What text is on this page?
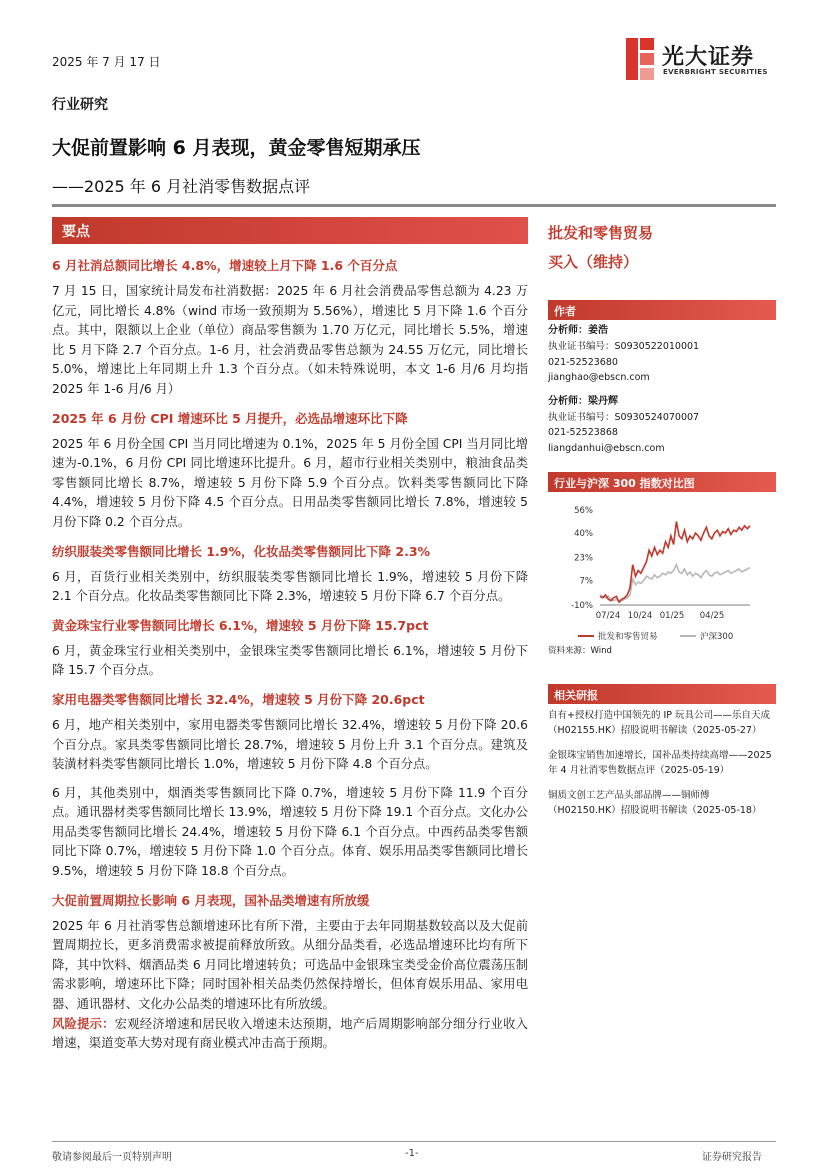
2025 年 7 月 17 日	光大证券
EVERBRIGHT SECURITIES
行业研究
大促前置影响 6 月表现，黄金零售短期承压
——2025 年 6 月社消零售数据点评
要点
6 月社消总额同比增长 4.8%，增速较上月下降 1.6 个百分点

7 月 15 日，国家统计局发布社消数据：2025 年 6 月社会消费品零售总额为 4.23 万亿元，同比增长 4.8%（wind 市场一致预期为 5.56%），增速比 5 月下降 1.6 个百分点。其中，限额以上企业（单位）商品零售额为 1.70 万亿元，同比增长 5.5%，增速比 5 月下降 2.7 个百分点。1-6 月，社会消费品零售总额为 24.55 万亿元，同比增长 5.0%，增速比上年同期上升 1.3 个百分点。（如未特殊说明，本文 1-6 月/6 月均指 2025 年 1-6 月/6 月）

2025 年 6 月份 CPI 增速环比 5 月提升，必选品增速环比下降

2025 年 6 月份全国 CPI 当月同比增速为 0.1%，2025 年 5 月份全国 CPI 当月同比增速为-0.1%，6 月份 CPI 同比增速环比提升。6 月，超市行业相关类别中，粮油食品类零售额同比增长 8.7%，增速较 5 月份下降 5.9 个百分点。饮料类零售额同比下降 4.4%，增速较 5 月份下降 4.5 个百分点。日用品类零售额同比增长 7.8%，增速较 5 月份下降 0.2 个百分点。

纺织服装类零售额同比增长 1.9%，化妆品类零售额同比下降 2.3%

6 月，百货行业相关类别中，纺织服装类零售额同比增长 1.9%，增速较 5 月份下降 2.1 个百分点。化妆品类零售额同比下降 2.3%，增速较 5 月份下降 6.7 个百分点。

黄金珠宝行业零售额同比增长 6.1%，增速较 5 月份下降 15.7pct

6 月，黄金珠宝行业相关类别中，金银珠宝类零售额同比增长 6.1%，增速较 5 月份下降 15.7 个百分点。

家用电器类零售额同比增长 32.4%，增速较 5 月份下降 20.6pct

6 月，地产相关类别中，家用电器类零售额同比增长 32.4%，增速较 5 月份下降 20.6 个百分点。家具类零售额同比增长 28.7%，增速较 5 月份上升 3.1 个百分点。建筑及装潢材料类零售额同比增长 1.0%，增速较 5 月份下降 4.8 个百分点。

6 月，其他类别中，烟酒类零售额同比下降 0.7%，增速较 5 月份下降 11.9 个百分点。通讯器材类零售额同比增长 13.9%，增速较 5 月份下降 19.1 个百分点。文化办公用品类零售额同比增长 24.4%，增速较 5 月份下降 6.1 个百分点。中西药品类零售额同比下降 0.7%，增速较 5 月份下降 1.0 个百分点。体育、娱乐用品类零售额同比增长 9.5%，增速较 5 月份下降 18.8 个百分点。

大促前置周期拉长影响 6 月表现，国补品类增速有所放缓

2025 年 6 月社消零售总额增速环比有所下滑，主要由于去年同期基数较高以及大促前置周期拉长，更多消费需求被提前释放所致。从细分品类看，必选品增速环比均有所下降，其中饮料、烟酒品类 6 月同比增速转负；可选品中金银珠宝类受金价高位震荡压制需求影响，增速环比下降；同时国补相关品类仍然保持增长，但体育娱乐用品、家用电器、通讯器材、文化办公品类的增速环比有所放缓。

风险提示：宏观经济增速和居民收入增速未达预期，地产后周期影响部分细分行业收入增速，渠道变革大势对现有商业模式冲击高于预期。

批发和零售贸易

买入（维持）

作者
分析师：姜浩
执业证书编号：S0930522010001
021-52523680
jianghao@ebscn.com
分析师：梁丹辉
执业证书编号：S0930524070007
021-52523868
liangdanhui@ebscn.com
行业与沪深 300 指数对比图
56%
40%
23%
7%
-10%
07/24 10/24 01/25 04/25
批发和零售贸易	沪深300
资料来源：Wind
相关研报
自有+授权打造中国领先的 IP 玩具公司——乐自天成（H02155.HK）招股说明书解读（2025-05-27）
金银珠宝销售加速增长，国补品类持续高增——2025 年 4 月社消零售数据点评（2025-05-19）
铜质文创工艺产品头部品牌——铜师傅（H02150.HK）招股说明书解读（2025-05-18）
敬请参阅最后一页特别声明	-1-	证券研究报告
